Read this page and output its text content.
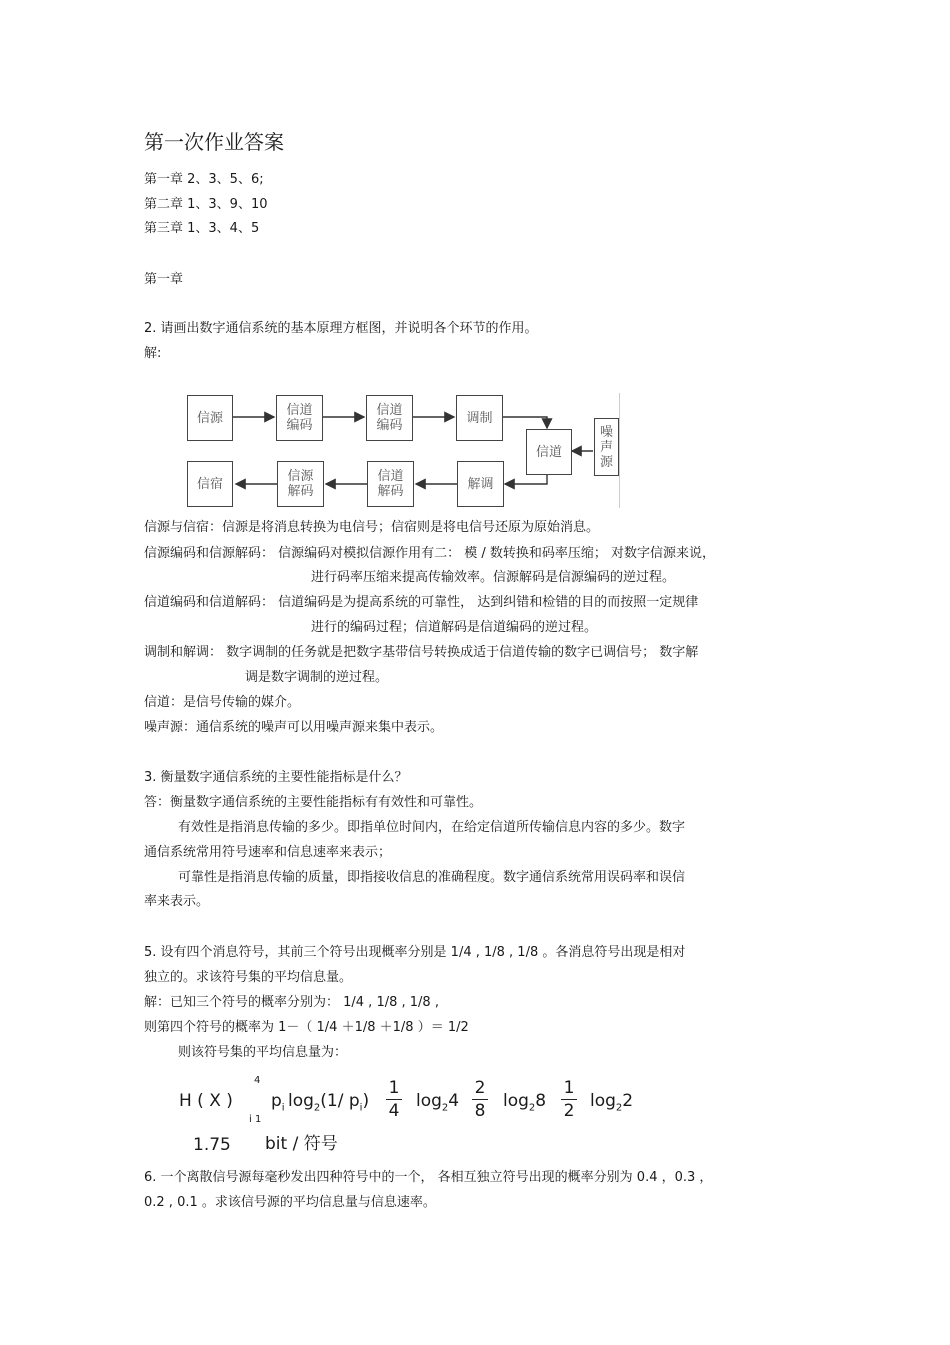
第一次作业答案
第一章 2、3、5、6;
第二章 1、3、9、10
第三章 1、3、4、5
第一章
2. 请画出数字通信系统的基本原理方框图，并说明各个环节的作用。
解:
信源	信道
编码
信道
编码	调制
信道
噪
声
源
信宿	信源
解码
信道
解码	解调
信源与信宿：信源是将消息转换为电信号；信宿则是将电信号还原为原始消息。
信源编码和信源解码： 信源编码对模拟信源作用有二： 模 / 数转换和码率压缩； 对数字信源来说，
进行码率压缩来提高传输效率。信源解码是信源编码的逆过程。
信道编码和信道解码： 信道编码是为提高系统的可靠性， 达到纠错和检错的目的而按照一定规律
进行的编码过程；信道解码是信道编码的逆过程。
调制和解调： 数字调制的任务就是把数字基带信号转换成适于信道传输的数字已调信号； 数字解
调是数字调制的逆过程。
信道：是信号传输的媒介。
噪声源：通信系统的噪声可以用噪声源来集中表示。
3. 衡量数字通信系统的主要性能指标是什么？
答：衡量数字通信系统的主要性能指标有有效性和可靠性。
有效性是指消息传输的多少。即指单位时间内，在给定信道所传输信息内容的多少。数字
通信系统常用符号速率和信息速率来表示；
可靠性是指消息传输的质量，即指接收信息的准确程度。数字通信系统常用误码率和误信
率来表示。
5. 设有四个消息符号，其前三个符号出现概率分别是 1/4 , 1/8 , 1/8 。各消息符号出现是相对
独立的。求该符号集的平均信息量。
解：已知三个符号的概率分别为： 1/4 , 1/8 , 1/8 ,
则第四个符号的概率为 1－（ 1/4 ＋1/8 ＋1/8 ）＝ 1/2
则该符号集的平均信息量为：
H ( X )
4
i 1
$p_i$ $\log_2(1/$ $p_i$)
1
4 $\log_24$
2
8 $\log_28$
1
2 $\log_22$
1.75 bit / 符号
6. 一个离散信号源每毫秒发出四种符号中的一个， 各相互独立符号出现的概率分别为 0.4 ，0.3 ，
0.2 , 0.1 。求该信号源的平均信息量与信息速率。
